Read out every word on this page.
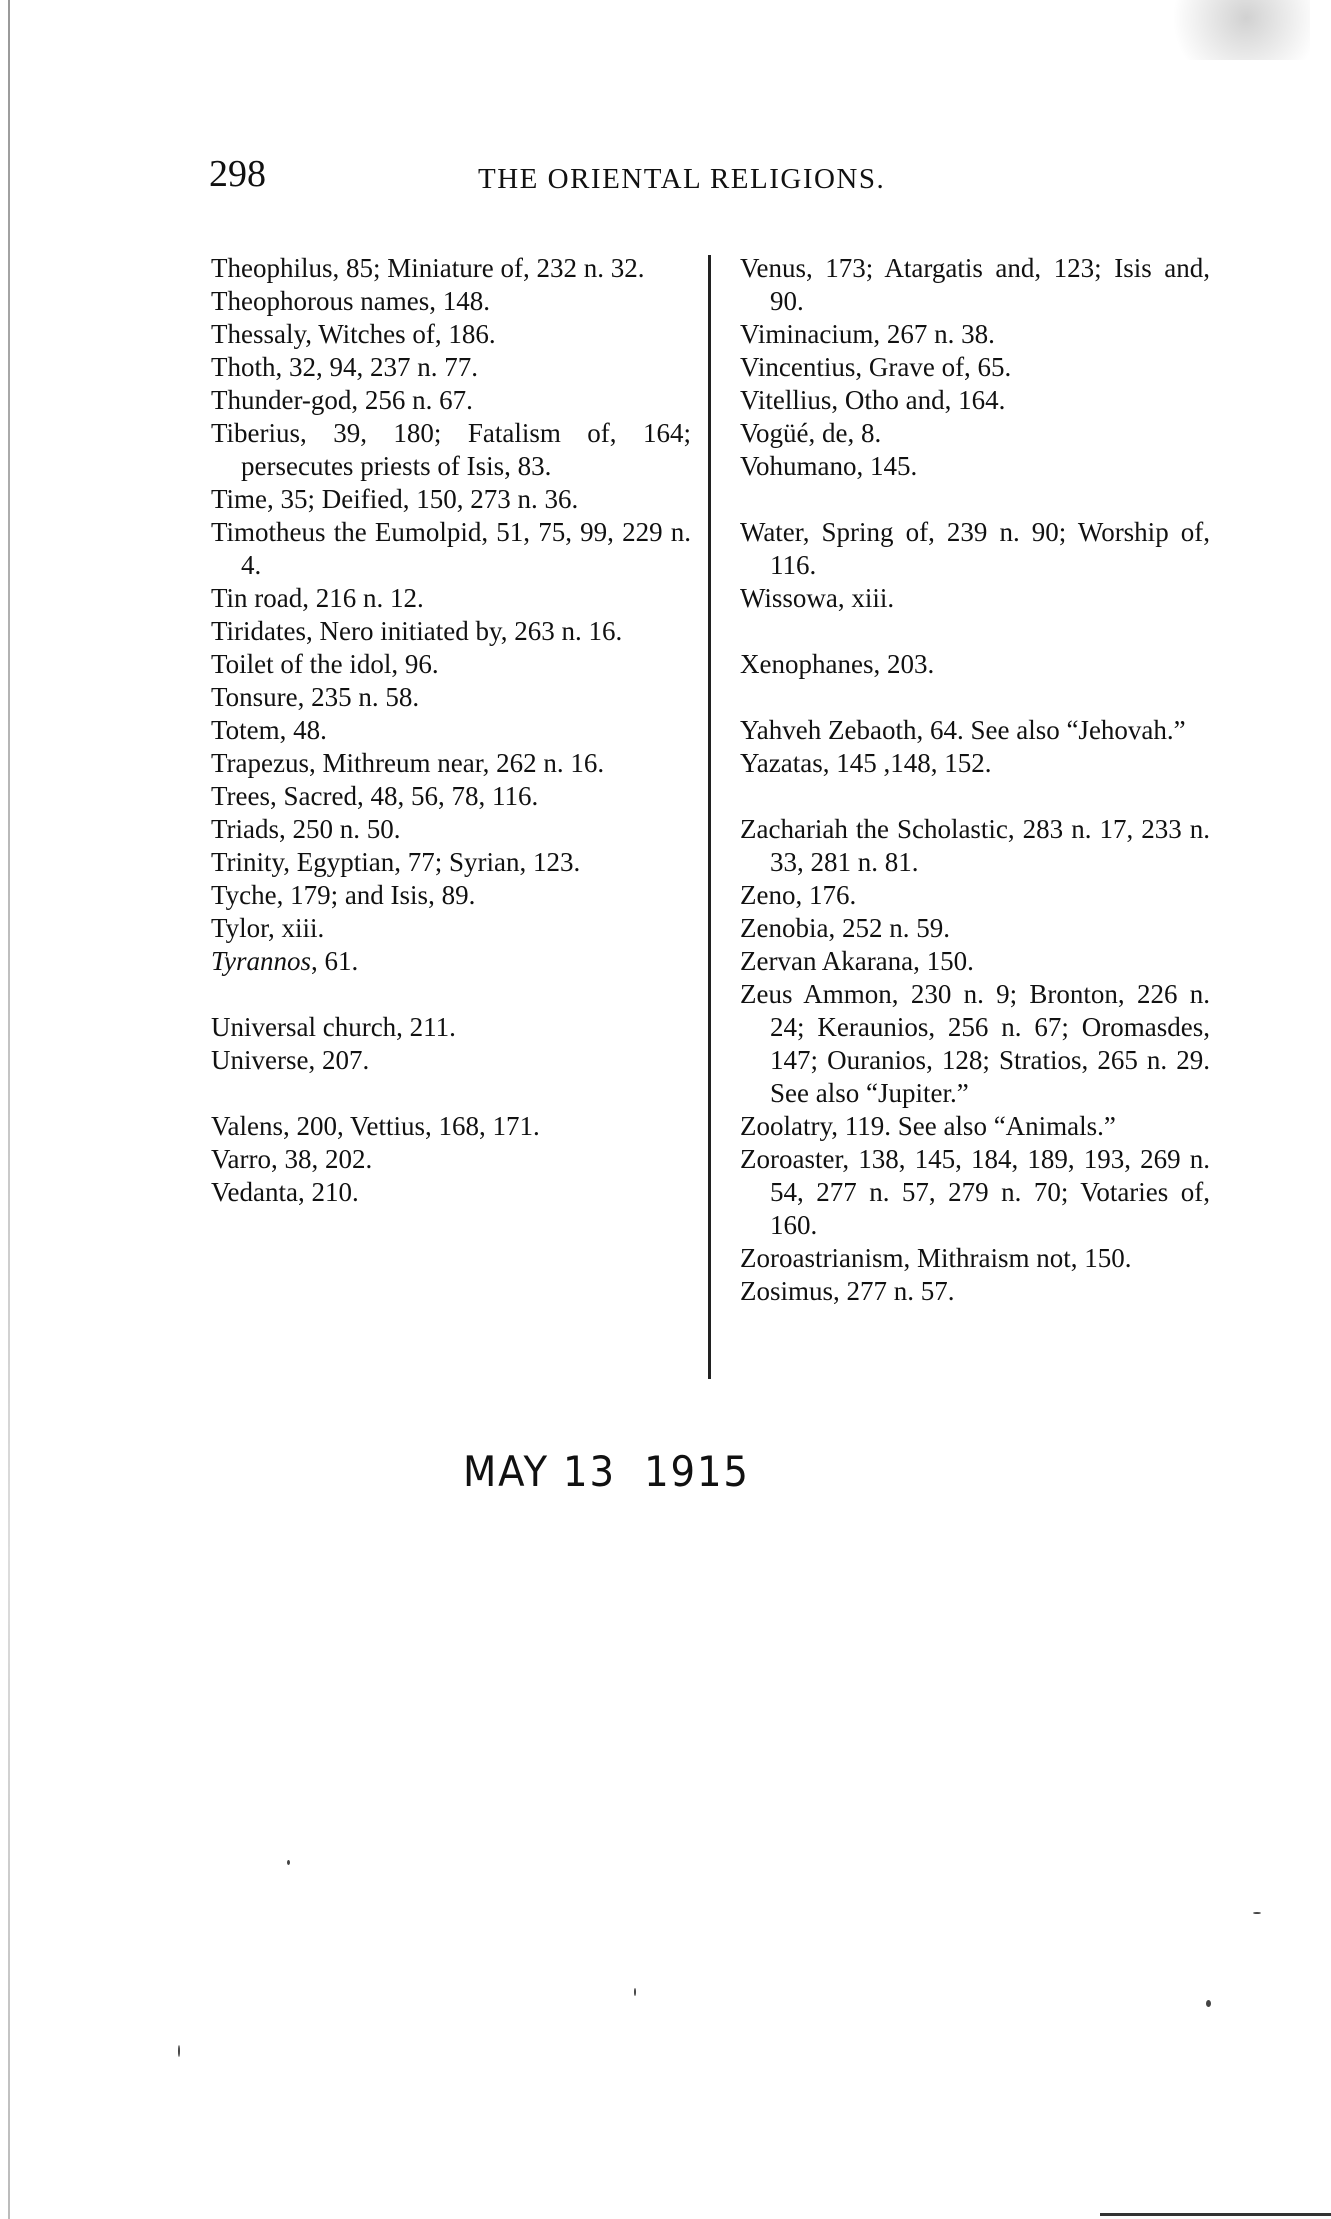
298	THE ORIENTAL RELIGIONS.
Theophilus, 85; Miniature of, 232 n. 32.
Theophorous names, 148.
Thessaly, Witches of, 186.
Thoth, 32, 94, 237 n. 77.
Thunder-god, 256 n. 67.
Tiberius, 39, 180; Fatalism of, 164; persecutes priests of Isis, 83.
Time, 35; Deified, 150, 273 n. 36.
Timotheus the Eumolpid, 51, 75, 99, 229 n. 4.
Tin road, 216 n. 12.
Tiridates, Nero initiated by, 263 n. 16.
Toilet of the idol, 96.
Tonsure, 235 n. 58.
Totem, 48.
Trapezus, Mithreum near, 262 n. 16.
Trees, Sacred, 48, 56, 78, 116.
Triads, 250 n. 50.
Trinity, Egyptian, 77; Syrian, 123.
Tyche, 179; and Isis, 89.
Tylor, xiii.
Tyrannos, 61.
Universal church, 211.
Universe, 207.
Valens, 200, Vettius, 168, 171.
Varro, 38, 202.
Vedanta, 210.
Venus, 173; Atargatis and, 123; Isis and, 90.
Viminacium, 267 n. 38.
Vincentius, Grave of, 65.
Vitellius, Otho and, 164.
Vogüé, de, 8.
Vohumano, 145.
Water, Spring of, 239 n. 90; Worship of, 116.
Wissowa, xiii.
Xenophanes, 203.
Yahveh Zebaoth, 64. See also “Jehovah.”
Yazatas, 145 ,148, 152.
Zachariah the Scholastic, 283 n. 17, 233 n. 33, 281 n. 81.
Zeno, 176.
Zenobia, 252 n. 59.
Zervan Akarana, 150.
Zeus Ammon, 230 n. 9; Bronton, 226 n. 24; Keraunios, 256 n. 67; Oromasdes, 147; Ouranios, 128; Stratios, 265 n. 29. See also “Jupiter.”
Zoolatry, 119. See also “Animals.”
Zoroaster, 138, 145, 184, 189, 193, 269 n. 54, 277 n. 57, 279 n. 70; Votaries of, 160.
Zoroastrianism, Mithraism not, 150.
Zosimus, 277 n. 57.
MAY 13  1915
